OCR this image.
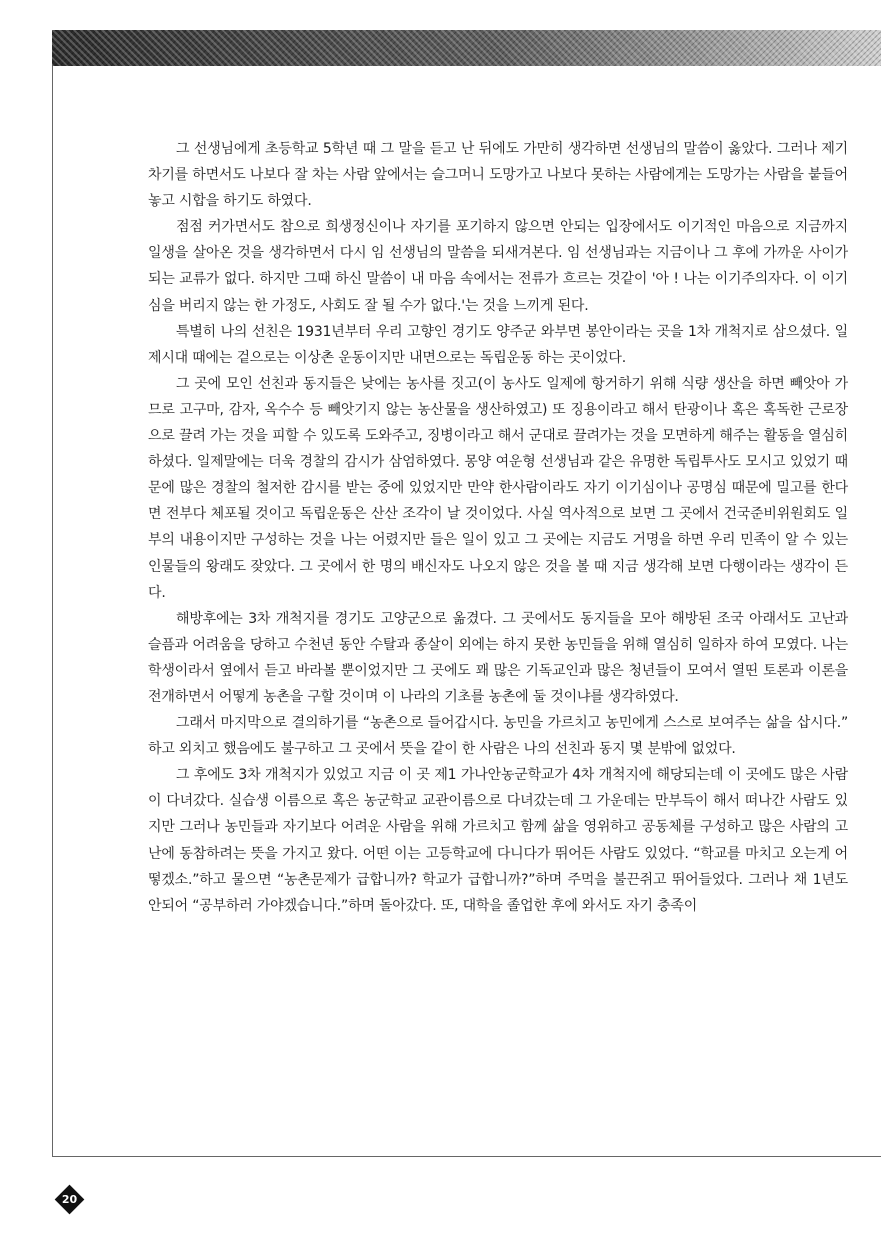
그 선생님에게 초등학교 5학년 때 그 말을 듣고 난 뒤에도 가만히 생각하면 선생님의 말씀이 옳았다. 그러나 제기차기를 하면서도 나보다 잘 차는 사람 앞에서는 슬그머니 도망가고 나보다 못하는 사람에게는 도망가는 사람을 붙들어 놓고 시합을 하기도 하였다.

점점 커가면서도 참으로 희생정신이나 자기를 포기하지 않으면 안되는 입장에서도 이기적인 마음으로 지금까지 일생을 살아온 것을 생각하면서 다시 임 선생님의 말씀을 되새겨본다. 임 선생님과는 지금이나 그 후에 가까운 사이가 되는 교류가 없다. 하지만 그때 하신 말씀이 내 마음 속에서는 전류가 흐르는 것같이 '아 ! 나는 이기주의자다. 이 이기심을 버리지 않는 한 가정도, 사회도 잘 될 수가 없다.'는 것을 느끼게 된다.

특별히 나의 선친은 1931년부터 우리 고향인 경기도 양주군 와부면 봉안이라는 곳을 1차 개척지로 삼으셨다. 일제시대 때에는 겉으로는 이상촌 운동이지만 내면으로는 독립운동 하는 곳이었다.

그 곳에 모인 선친과 동지들은 낮에는 농사를 짓고(이 농사도 일제에 항거하기 위해 식량 생산을 하면 빼앗아 가므로 고구마, 감자, 옥수수 등 빼앗기지 않는 농산물을 생산하였고) 또 징용이라고 해서 탄광이나 혹은 혹독한 근로장으로 끌려 가는 것을 피할 수 있도록 도와주고, 징병이라고 해서 군대로 끌려가는 것을 모면하게 해주는 활동을 열심히 하셨다. 일제말에는 더욱 경찰의 감시가 삼엄하였다. 몽양 여운형 선생님과 같은 유명한 독립투사도 모시고 있었기 때문에 많은 경찰의 철저한 감시를 받는 중에 있었지만 만약 한사람이라도 자기 이기심이나 공명심 때문에 밀고를 한다면 전부다 체포될 것이고 독립운동은 산산 조각이 날 것이었다. 사실 역사적으로 보면 그 곳에서 건국준비위원회도 일부의 내용이지만 구성하는 것을 나는 어렸지만 들은 일이 있고 그 곳에는 지금도 거명을 하면 우리 민족이 알 수 있는 인물들의 왕래도 잦았다. 그 곳에서 한 명의 배신자도 나오지 않은 것을 볼 때 지금 생각해 보면 다행이라는 생각이 든다.

해방후에는 3차 개척지를 경기도 고양군으로 옮겼다. 그 곳에서도 동지들을 모아 해방된 조국 아래서도 고난과 슬픔과 어려움을 당하고 수천년 동안 수탈과 종살이 외에는 하지 못한 농민들을 위해 열심히 일하자 하여 모였다. 나는 학생이라서 옆에서 듣고 바라볼 뿐이었지만 그 곳에도 꽤 많은 기독교인과 많은 청년들이 모여서 열띤 토론과 이론을 전개하면서 어떻게 농촌을 구할 것이며 이 나라의 기초를 농촌에 둘 것이냐를 생각하였다.

그래서 마지막으로 결의하기를 “농촌으로 들어갑시다. 농민을 가르치고 농민에게 스스로 보여주는 삶을 삽시다.” 하고 외치고 했음에도 불구하고 그 곳에서 뜻을 같이 한 사람은 나의 선친과 동지 몇 분밖에 없었다.

그 후에도 3차 개척지가 있었고 지금 이 곳 제1 가나안농군학교가 4차 개척지에 해당되는데 이 곳에도 많은 사람이 다녀갔다. 실습생 이름으로 혹은 농군학교 교관이름으로 다녀갔는데 그 가운데는 만부득이 해서 떠나간 사람도 있지만 그러나 농민들과 자기보다 어려운 사람을 위해 가르치고 함께 삶을 영위하고 공동체를 구성하고 많은 사람의 고난에 동참하려는 뜻을 가지고 왔다. 어떤 이는 고등학교에 다니다가 뛰어든 사람도 있었다. “학교를 마치고 오는게 어떻겠소.”하고 물으면 “농촌문제가 급합니까? 학교가 급합니까?”하며 주먹을 불끈쥐고 뛰어들었다. 그러나 채 1년도 안되어 “공부하러 가야겠습니다.”하며 돌아갔다. 또, 대학을 졸업한 후에 와서도 자기 충족이

20
